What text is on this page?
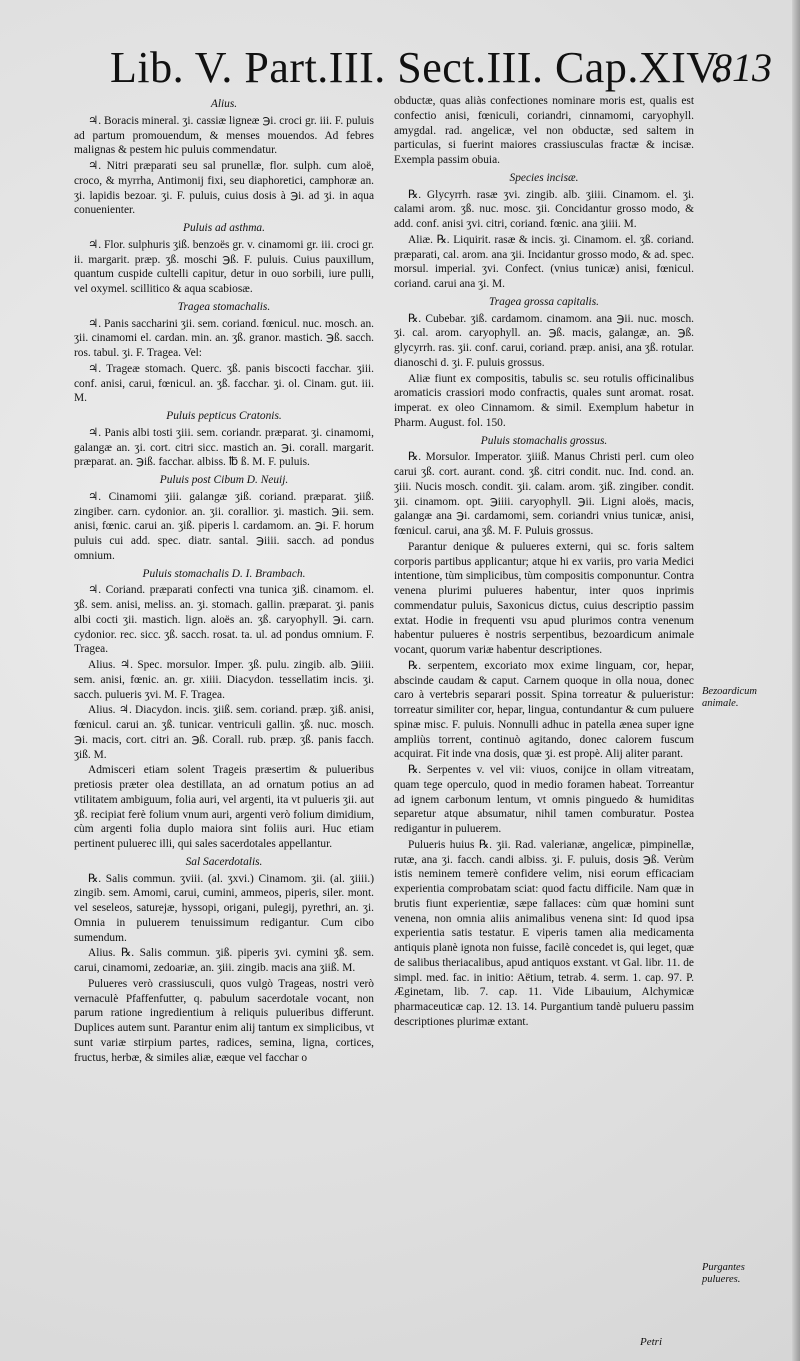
Lib. V. Part.III. Sect.III. Cap.XIV.
813
Alius.

♃. Boracis mineral. ʒi. cassiæ ligneæ ℈i. croci gr. iii. F. puluis ad partum promouendum, & menses mouendos. Ad febres malignas & pestem hic puluis commendatur.

♃. Nitri præparati seu sal prunellæ, flor. sulph. cum aloë, croco, & myrrha, Antimonij fixi, seu diaphoretici, camphoræ an. ʒi. lapidis bezoar. ʒi. F. puluis, cuius dosis à ℈i. ad ʒi. in aqua conuenienter.

Puluis ad asthma.

♃. Flor. sulphuris ʒiß. benzoës gr. v. cinamomi gr. iii. croci gr. ii. margarit. præp. ʒß. moschi ℈ß. F. puluis. Cuius pauxillum, quantum cuspide cultelli capitur, detur in ouo sorbili, iure pulli, vel oxymel. scillitico & aqua scabiosæ.

Tragea stomachalis.

♃. Panis saccharini ʒii. sem. coriand. fœnicul. nuc. mosch. an. ʒii. cinamomi el. cardan. min. an. ʒß. granor. mastich. ℈ß. sacch. ros. tabul. ʒi. F. Tragea. Vel:

♃. Trageæ stomach. Querc. ʒß. panis biscocti facchar. ʒiii. conf. anisi, carui, fœnicul. an. ʒß. facchar. ʒi. ol. Cinam. gut. iii. M.

Puluis pepticus Cratonis.

♃. Panis albi tosti ʒiii. sem. coriandr. præparat. ʒi. cinamomi, galangæ an. ʒi. cort. citri sicc. mastich an. ℈i. corall. margarit. præparat. an. ℈iß. facchar. albiss. ℔ ß. M. F. puluis.

Puluis post Cibum D. Neuij.

♃. Cinamomi ʒiii. galangæ ʒiß. coriand. præparat. ʒiiß. zingiber. carn. cydonior. an. ʒii. corallior. ʒi. mastich. ℈ii. sem. anisi, fœnic. carui an. ʒiß. piperis l. cardamom. an. ℈i. F. horum puluis cui add. spec. diatr. santal. ℈iiii. sacch. ad pondus omnium.

Puluis stomachalis D. I. Brambach.

♃. Coriand. præparati confecti vna tunica ʒiß. cinamom. el. ʒß. sem. anisi, meliss. an. ʒi. stomach. gallin. præparat. ʒi. panis albi cocti ʒii. mastich. lign. aloës an. ʒß. caryophyll. ℈i. carn. cydonior. rec. sicc. ʒß. sacch. rosat. ta. ul. ad pondus omnium. F. Tragea.

Alius. ♃. Spec. morsulor. Imper. ʒß. pulu. zingib. alb. ℈iiii. sem. anisi, fœnic. an. gr. xiiii. Diacydon. tessellatim incis. ʒi. sacch. pulueris ʒvi. M. F. Tragea.

Alius. ♃. Diacydon. incis. ʒiiß. sem. coriand. præp. ʒiß. anisi, fœnicul. carui an. ʒß. tunicar. ventriculi gallin. ʒß. nuc. mosch. ℈i. macis, cort. citri an. ℈ß. Corall. rub. præp. ʒß. panis facch. ʒiß. M.

Admisceri etiam solent Trageis præsertim & pulueribus pretiosis præter olea destillata, an ad ornatum potius an ad vtilitatem ambiguum, folia auri, vel argenti, ita vt pulueris ʒii. aut ʒß. recipiat ferè folium vnum auri, argenti verò folium dimidium, cùm argenti folia duplo maiora sint foliis auri. Huc etiam pertinent puluereс illi, qui sales sacerdotales appellantur.

Sal Sacerdotalis.

℞. Salis commun. ʒviii. (al. ʒxvi.) Cinamom. ʒii. (al. ʒiiii.) zingib. sem. Amomi, carui, cumini, ammeos, piperis, siler. mont. vel seseleos, saturejæ, hyssopi, origani, pulegij, pyrethri, an. ʒi. Omnia in puluerem tenuissimum redigantur. Cum cibo sumendum.

Alius. ℞. Salis commun. ʒiß. piperis ʒvi. cymini ʒß. sem. carui, cinamomi, zedoariæ, an. ʒiii. zingib. macis ana ʒiiß. M.

Pulueres verò crassiusculi, quos vulgò Trageas, nostri verò vernaculè Pfaffenfutter, q. pabulum sacerdotale vocant, non parum ratione ingredientium à reliquis pulueribus differunt. Duplices autem sunt. Parantur enim alij tantum ex simplicibus, vt sunt variæ stirpium partes, radices, semina, ligna, cortices, fructus, herbæ, & similes aliæ, eæque vel facchar o

obductæ, quas aliàs confectiones nominare moris est, qualis est confectio anisi, fœniculi, coriandri, cinnamomi, caryophyll. amygdal. rad. angelicæ, vel non obductæ, sed saltem in particulas, si fuerint maiores crassiusculas fractæ & incisæ. Exempla passim obuia.

Species incisæ.

℞. Glycyrrh. rasæ ʒvi. zingib. alb. ʒiiii. Cinamom. el. ʒi. calami arom. ʒß. nuc. mosc. ʒii. Concidantur grosso modo, & add. conf. anisi ʒvi. citri, coriand. fœnic. ana ʒiiii. M.

Aliæ. ℞. Liquirit. rasæ & incis. ʒi. Cinamom. el. ʒß. coriand. præparati, cal. arom. ana ʒii. Incidantur grosso modo, & ad. spec. morsul. imperial. ʒvi. Confect. (vnius tunicæ) anisi, fœnicul. coriand. carui ana ʒi. M.

Tragea grossa capitalis.

℞. Cubebar. ʒiß. cardamom. cinamom. ana ℈ii. nuc. mosch. ʒi. cal. arom. caryophyll. an. ℈ß. macis, galangæ, an. ℈ß. glycyrrh. ras. ʒii. conf. carui, coriand. præp. anisi, ana ʒß. rotular. dianoschi d. ʒi. F. puluis grossus.

Aliæ fiunt ex compositis, tabulis sc. seu rotulis officinalibus aromaticis crassiori modo confractis, quales sunt aromat. rosat. imperat. ex oleo Cinnamom. & simil. Exemplum habetur in Pharm. August. fol. 150.

Puluis stomachalis grossus.

℞. Morsulor. Imperator. ʒiiiß. Manus Christi perl. cum oleo carui ʒß. cort. aurant. cond. ʒß. citri condit. nuc. Ind. cond. an. ʒiii. Nucis mosch. condit. ʒii. calam. arom. ʒiß. zingiber. condit. ʒii. cinamom. opt. ℈iiii. caryophyll. ℈ii. Ligni aloës, macis, galangæ ana ℈i. cardamomi, sem. coriandri vnius tunicæ, anisi, fœnicul. carui, ana ʒß. M. F. Puluis grossus.

Parantur denique & pulueres externi, qui sc. foris saltem corporis partibus applicantur; atque hi ex variis, pro varia Medici intentione, tùm simplicibus, tùm compositis componuntur. Contra venena plurimi pulueres habentur, inter quos inprimis commendatur puluis, Saxonicus dictus, cuius descriptio passim extat. Hodie in frequenti vsu apud plurimos contra venenum habentur pulueres è nostris serpentibus, bezoardicum animale vocant, quorum variæ habentur descriptiones.

℞. serpentem, excoriato mox exime linguam, cor, hepar, abscinde caudam & caput. Carnem quoque in olla noua, donec caro à vertebris separari possit. Spina torreatur & pulueristur: torreatur similiter cor, hepar, lingua, contundantur & cum puluere spinæ misc. F. puluis. Nonnulli adhuc in patella ænea super igne ampliùs torrent, continuò agitando, donec calorem fuscum acquirat. Fit inde vna dosis, quæ ʒi. est propè. Alij aliter parant.

℞. Serpentes v. vel vii: viuos, conijce in ollam vitreatam, quam tege operculo, quod in medio foramen habeat. Torreantur ad ignem carbonum lentum, vt omnis pinguedo & humiditas separetur atque absumatur, nihil tamen comburatur. Postea redigantur in puluerem.

Pulueris huius ℞. ʒii. Rad. valerianæ, angelicæ, pimpinellæ, rutæ, ana ʒi. facch. candi albiss. ʒi. F. puluis, dosis ℈ß. Verùm istis neminem temerè confidere velim, nisi eorum efficaciam experientia comprobatam sciat: quod factu difficile. Nam quæ in brutis fiunt experientiæ, sæpe fallaces: cùm quæ homini sunt venena, non omnia aliis animalibus venena sint: Id quod ipsa experientia satis testatur. E viperis tamen alia medicamenta antiquis planè ignota non fuisse, facilè concedet is, qui leget, quæ de salibus theriacalibus, apud antiquos exstant. vt Gal. libr. 11. de simpl. med. fac. in initio: Aëtium, tetrab. 4. serm. 1. cap. 97. P. Æginetam, lib. 7. cap. 11. Vide Libauium, Alchymicæ pharmaceuticæ cap. 12. 13. 14. Purgantium tandè pulueru passim descriptiones plurimæ extant.

Bezoardicum animale.
Purgantes pulueres.
Petri
